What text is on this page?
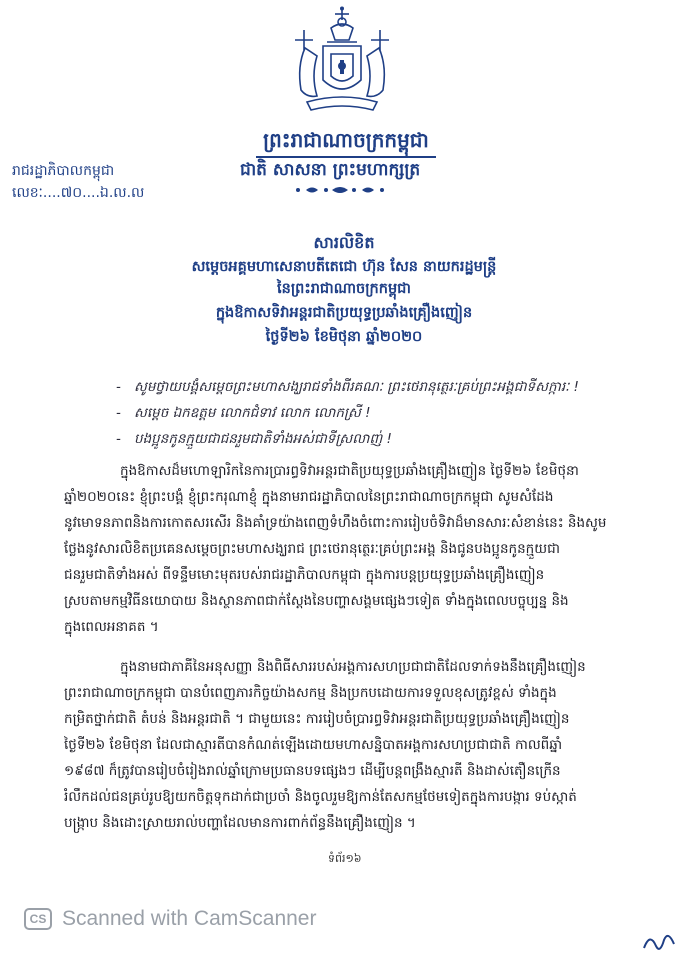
ព្រះរាជាណាចក្រកម្ពុជា
រាជរដ្ឋាភិបាលកម្ពុជា
លេខៈ....៧០....ឯ.ល.ល
ជាតិ សាសនា ព្រះមហាក្សត្រ
សារលិខិត
សម្តេចអគ្គមហាសេនាបតីតេជោ ហ៊ុន សែន នាយករដ្ឋមន្ត្រី
នៃព្រះរាជាណាចក្រកម្ពុជា
ក្នុងឱកាសទិវាអន្តរជាតិប្រយុទ្ធប្រឆាំងគ្រឿងញៀន
ថ្ងៃទី២៦ ខែមិថុនា ឆ្នាំ២០២០
- សូមថ្វាយបង្គំសម្តេចព្រះមហាសង្ឃរាជទាំងពីរគណៈ ព្រះថេរានុត្ថេរៈគ្រប់ព្រះអង្គជាទីសក្ការៈ !
- សម្តេច ឯកឧត្តម លោកជំទាវ លោក លោកស្រី !
- បងប្អូនកូនក្មួយជាជនរួមជាតិទាំងអស់ជាទីស្រលាញ់ !
ក្នុងឱកាសដ៏មហោឡារិកនៃការប្រារព្ធទិវាអន្តរជាតិប្រយុទ្ធប្រឆាំងគ្រឿងញៀន ថ្ងៃទី២៦ ខែមិថុនា
ឆ្នាំ២០២០នេះ ខ្ញុំព្រះបង្គំ ខ្ញុំព្រះករុណាខ្ញុំ ក្នុងនាមរាជរដ្ឋាភិបាលនៃព្រះរាជាណាចក្រកម្ពុជា សូមសំដែង
នូវមោទនភាពនិងការកោតសរសើរ និងគាំទ្រយ៉ាងពេញទំហឹងចំពោះការរៀបចំទិវាដ៏មានសារៈសំខាន់នេះ និងសូម
ថ្លែងនូវសារលិខិតប្រគេនសម្តេចព្រះមហាសង្ឃរាជ ព្រះថេរានុត្ថេរៈគ្រប់ព្រះអង្គ និងជូនបងប្អូនកូនក្មួយជា
ជនរួមជាតិទាំងអស់ ពីទន្ទឹមមោះមុតរបស់រាជរដ្ឋាភិបាលកម្ពុជា ក្នុងការបន្តប្រយុទ្ធប្រឆាំងគ្រឿងញៀន
ស្របតាមកម្មវិធីនយោបាយ និងស្ថានភាពជាក់ស្តែងនៃបញ្ហាសង្គមផ្សេងៗទៀត ទាំងក្នុងពេលបច្ចុប្បន្ន និង
ក្នុងពេលអនាគត ។
ក្នុងនាមជាភាគីនៃអនុសញ្ញា និងពិធីសាររបស់អង្គការសហប្រជាជាតិដែលទាក់ទងនឹងគ្រឿងញៀន
ព្រះរាជាណាចក្រកម្ពុជា បានបំពេញភារកិច្ចយ៉ាងសកម្ម និងប្រកបដោយការទទួលខុសត្រូវខ្ពស់ ទាំងក្នុង
កម្រិតថ្នាក់ជាតិ តំបន់ និងអន្តរជាតិ ។ ជាមួយនេះ ការរៀបចំប្រារព្ធទិវាអន្តរជាតិប្រយុទ្ធប្រឆាំងគ្រឿងញៀន
ថ្ងៃទី២៦ ខែមិថុនា ដែលជាស្មារតីបានកំណត់ឡើងដោយមហាសន្និបាតអង្គការសហប្រជាជាតិ កាលពីឆ្នាំ
១៩៨៧ ក៏ត្រូវបានរៀបចំរៀងរាល់ឆ្នាំក្រោមប្រធានបទផ្សេងៗ ដើម្បីបន្តពង្រឹងស្មារតី និងដាស់តឿនក្រើន
រំលឹកដល់ជនគ្រប់រូបឱ្យយកចិត្តទុកដាក់ជាប្រចាំ និងចូលរួមឱ្យកាន់តែសកម្មថែមទៀតក្នុងការបង្ការ ទប់ស្កាត់
បង្ក្រាប និងដោះស្រាយរាល់បញ្ហាដែលមានការពាក់ព័ន្ធនឹងគ្រឿងញៀន ។
ទំព័រ១៦
CS Scanned with CamScanner
